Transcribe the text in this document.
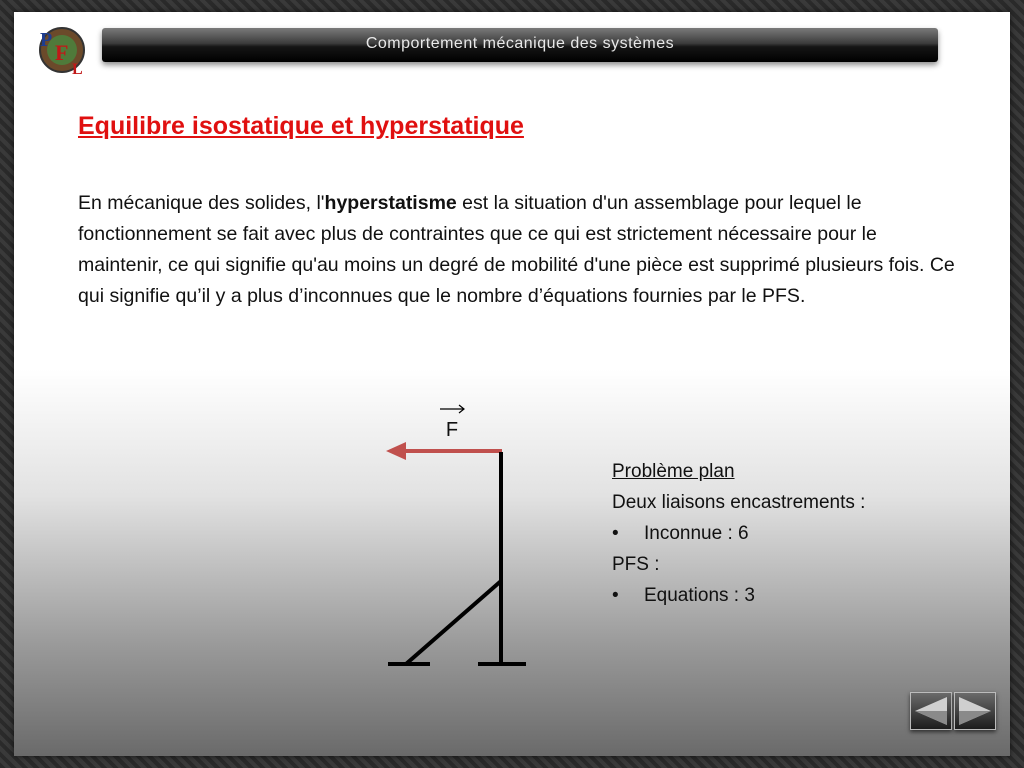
P F
L
Comportement mécanique des systèmes
Equilibre isostatique et hyperstatique

En mécanique des solides, l'hyperstatisme est la situation d'un assemblage pour lequel le fonctionnement se fait avec plus de contraintes que ce qui est strictement nécessaire pour le maintenir, ce qui signifie qu'au moins un degré de mobilité d'une pièce est supprimé plusieurs fois. Ce qui signifie qu’il y a plus d’inconnues que le nombre d’équations fournies par le PFS.

F
Problème plan
Deux liaisons encastrements :
•	Inconnue : 6
PFS :
•	Equations : 3
